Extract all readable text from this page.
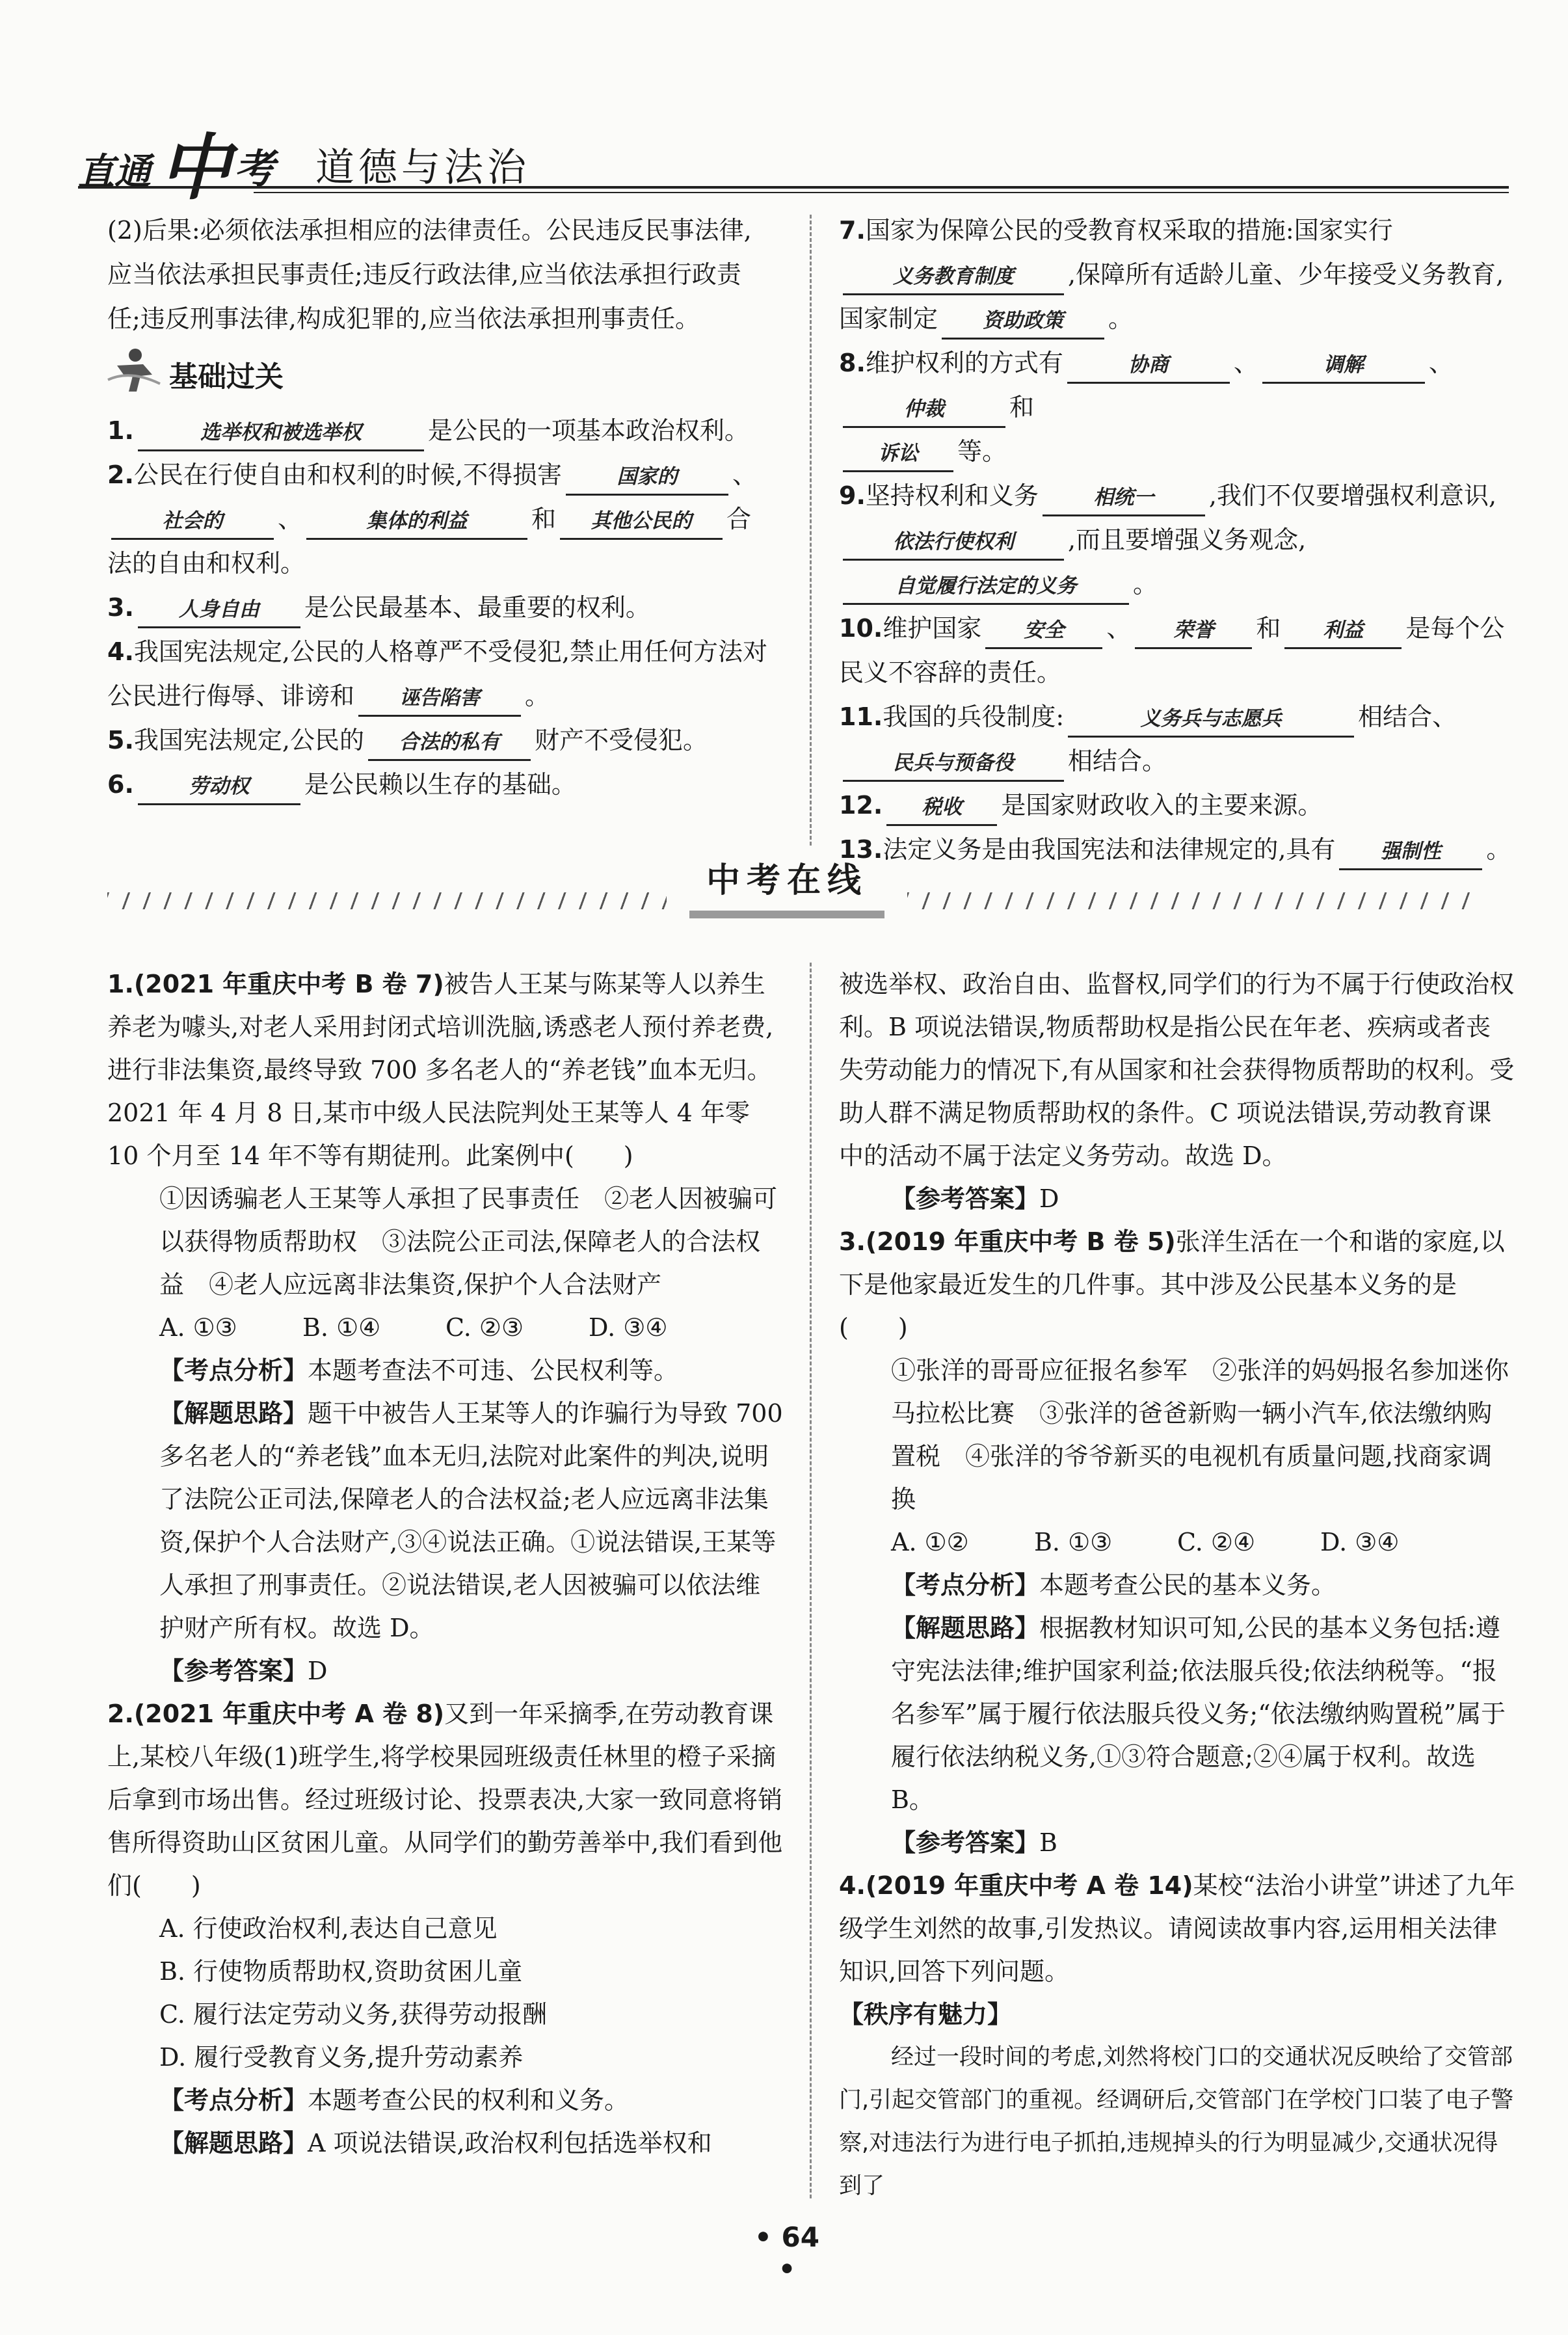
直通 中 考 道德与法治

(2)后果:必须依法承担相应的法律责任。公民违反民事法律,应当依法承担民事责任;违反行政法律,应当依法承担行政责任;违反刑事法律,构成犯罪的,应当依法承担刑事责任。

基础过关

1.	选举权和被选举权	是公民的一项基本政治权利。

2.公民在行使自由和权利的时候,不得损害	国家的 、
社会的 、	集体的利益	和 其他公民的 合法的自由和权利。

3. 人身自由 是公民最基本、最重要的权利。

4.我国宪法规定,公民的人格尊严不受侵犯,禁止用任何方法对公民进行侮辱、诽谤和 诬告陷害 。

5.我国宪法规定,公民的 合法的私有 财产不受侵犯。

6.	劳动权 是公民赖以生存的基础。

7.国家为保障公民的受教育权采取的措施:国家实行义务教育制度 ,保障所有适龄儿童、少年接受义务教育,国家制定 资助政策 。

8.维护权利的方式有	协商	、	调解	、仲裁	和
诉讼 等。

9.坚持权利和义务	相统一 ,我们不仅要增强权利意识,依法行使权利 ,而且要增强义务观念,自觉履行法定的义务 。

10.维护国家 安全 、 荣誉 和 利益 是每个公民义不容辞的责任。

11.我国的兵役制度:	义务兵与志愿兵	相结合、
民兵与预备役 相结合。

12. 税收 是国家财政收入的主要来源。

13.法定义务是由我国宪法和法律规定的,具有 强制性 。

中考在线

1.(2021 年重庆中考 B 卷 7)被告人王某与陈某等人以养生养老为噱头,对老人采用封闭式培训洗脑,诱惑老人预付养老费,进行非法集资,最终导致 700 多名老人的“养老钱”血本无归。2021 年 4 月 8 日,某市中级人民法院判处王某等人 4 年零 10 个月至 14 年不等有期徒刑。此案例中(　　)

①因诱骗老人王某等人承担了民事责任　②老人因被骗可以获得物质帮助权　③法院公正司法,保障老人的合法权益　④老人应远离非法集资,保护个人合法财产

A. ①③	B. ①④	C. ②③	D. ③④

【考点分析】本题考查法不可违、公民权利等。

【解题思路】题干中被告人王某等人的诈骗行为导致 700 多名老人的“养老钱”血本无归,法院对此案件的判决,说明了法院公正司法,保障老人的合法权益;老人应远离非法集资,保护个人合法财产,③④说法正确。①说法错误,王某等人承担了刑事责任。②说法错误,老人因被骗可以依法维护财产所有权。故选 D。

【参考答案】D

2.(2021 年重庆中考 A 卷 8)又到一年采摘季,在劳动教育课上,某校八年级(1)班学生,将学校果园班级责任林里的橙子采摘后拿到市场出售。经过班级讨论、投票表决,大家一致同意将销售所得资助山区贫困儿童。从同学们的勤劳善举中,我们看到他们(　　)

A. 行使政治权利,表达自己意见

B. 行使物质帮助权,资助贫困儿童

C. 履行法定劳动义务,获得劳动报酬

D. 履行受教育义务,提升劳动素养

【考点分析】本题考查公民的权利和义务。

【解题思路】A 项说法错误,政治权利包括选举权和

被选举权、政治自由、监督权,同学们的行为不属于行使政治权利。B 项说法错误,物质帮助权是指公民在年老、疾病或者丧失劳动能力的情况下,有从国家和社会获得物质帮助的权利。受助人群不满足物质帮助权的条件。C 项说法错误,劳动教育课中的活动不属于法定义务劳动。故选 D。

【参考答案】D

3.(2019 年重庆中考 B 卷 5)张洋生活在一个和谐的家庭,以下是他家最近发生的几件事。其中涉及公民基本义务的是(　　)

①张洋的哥哥应征报名参军　②张洋的妈妈报名参加迷你马拉松比赛　③张洋的爸爸新购一辆小汽车,依法缴纳购置税　④张洋的爷爷新买的电视机有质量问题,找商家调换

A. ①②	B. ①③	C. ②④	D. ③④

【考点分析】本题考查公民的基本义务。

【解题思路】根据教材知识可知,公民的基本义务包括:遵守宪法法律;维护国家利益;依法服兵役;依法纳税等。“报名参军”属于履行依法服兵役义务;“依法缴纳购置税”属于履行依法纳税义务,①③符合题意;②④属于权利。故选 B。

【参考答案】B

4.(2019 年重庆中考 A 卷 14)某校“法治小讲堂”讲述了九年级学生刘然的故事,引发热议。请阅读故事内容,运用相关法律知识,回答下列问题。

【秩序有魅力】

经过一段时间的考虑,刘然将校门口的交通状况反映给了交管部门,引起交管部门的重视。经调研后,交管部门在学校门口装了电子警察,对违法行为进行电子抓拍,违规掉头的行为明显减少,交通状况得到了

• 64 •
